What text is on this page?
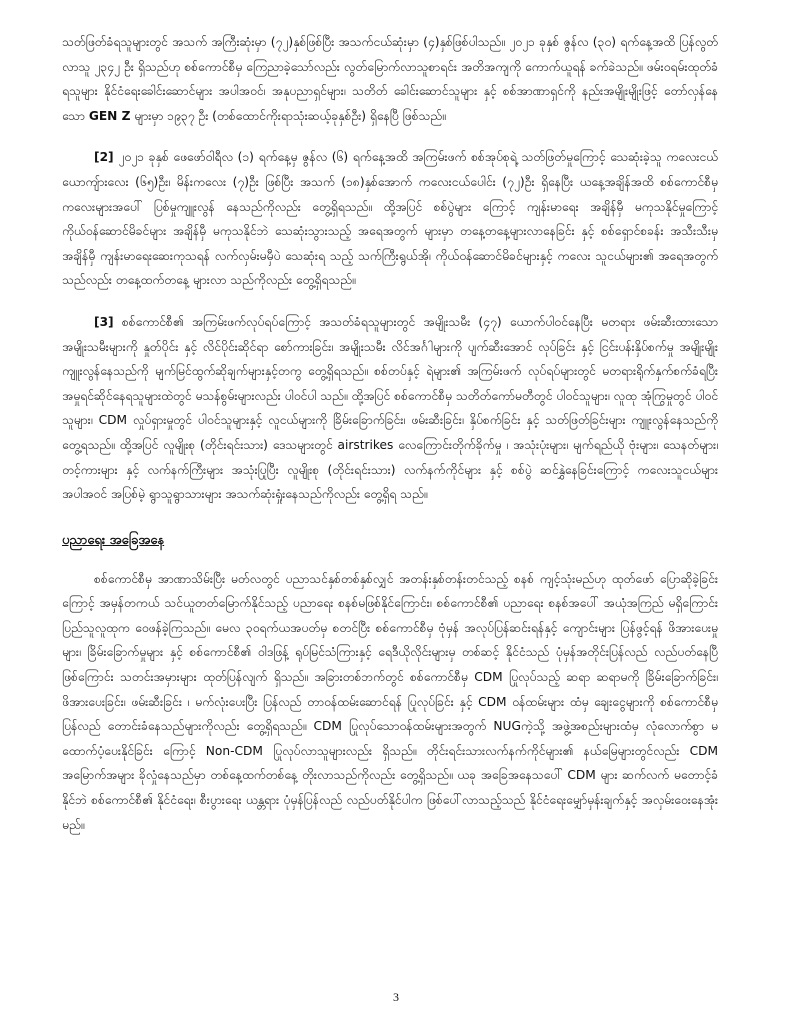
သတ်ဖြတ်ခံရသူများတွင် အသက် အကြီးဆုံးမှာ (၇၂)နှစ်ဖြစ်ပြီး အသက်ငယ်ဆုံးမှာ (၄)နှစ်ဖြစ်ပါသည်။ ၂၀၂၁ ခုနှစ် ဇွန်လ (၃၀) ရက်နေ့အထိ ပြန်လွတ်လာသူ ၂၃၄၂ ဦး ရှိသည်ဟု စစ်ကောင်စီမှ ကြေညာခဲ့သော်လည်း လွတ်မြောက်လာသူစာရင်း အတိအကျကို ကောက်ယူရန် ခက်ခဲသည်။ ဖမ်းဝရမ်းထုတ်ခံရသူများ နိုင်ငံရေးခေါင်းဆောင်များ အပါအဝင်၊ အနုပညာရှင်များ၊ သတိတ် ခေါင်းဆောင်သူများ နှင့် စစ်အာဏာရှင်ကို နည်းအမျိုးမျိုးဖြင့် တော်လှန်နေသော GEN Z များမှာ ၁၉၃၇ ဦး (တစ်ထောင်ကိုးရာသုံးဆယ့်ခုနှစ်ဦး) ရှိနေပြီ ဖြစ်သည်။

[2] ၂၀၂၁ ခုနှစ် ဖေဖော်ဝါရီလ (၁) ရက်နေ့မှ ဇွန်လ (၆) ရက်နေ့အထိ အကြမ်းဖက် စစ်အုပ်စုရဲ့ သတ်ဖြတ်မှုကြောင့် သေဆုံးခဲ့သူ ကလေးငယ် ယောကျ်ားလေး (၆၅)ဦး၊ မိန်းကလေး (၇)ဦး ဖြစ်ပြီး အသက် (၁၈)နှစ်အောက် ကလေးငယ်ပေါင်း (၇၂)ဦး ရှိနေပြီး ယနေ့အချိန်အထိ စစ်ကောင်စီမှ ကလေးများအပေါ် ပြစ်မှုကျူးလွန် နေသည်ကိုလည်း တွေ့ရှိရသည်။ ထို့အပြင် စစ်ပွဲများ ကြောင့် ကျန်းမာရေး အချိန်မှီ မကုသနိုင်မှုကြောင့် ကိုယ်ဝန်ဆောင်မိခင်များ အချိန်မှီ မကုသနိုင်ဘဲ သေဆုံးသွားသည့် အရေအတွက် များမှာ တနေ့တနေ့များလာနေခြင်း နှင့် စစ်ရှောင်စခန်း အသီးသီးမှ အချိန်မှီ ကျန်းမာရေးဆေးကုသရန် လက်လှမ်းမမှီပဲ သေဆုံးရ သည့် သက်ကြီးရွယ်အို၊ ကိုယ်ဝန်ဆောင်မိခင်များနှင့် ကလေး သူငယ်များ၏ အရေအတွက်သည်လည်း တနေ့ထက်တနေ့ များလာ သည်ကိုလည်း တွေ့ရှိရသည်။

[3] စစ်ကောင်စီ၏ အကြမ်းဖက်လုပ်ရပ်ကြောင့် အသတ်ခံရသူများတွင် အမျိုးသမီး (၄၇) ယောက်ပါဝင်နေပြီး မတရား ဖမ်းဆီးထားသော အမျိုးသမီးများကို နှုတ်ပိုင်း နှင့် လိင်ပိုင်းဆိုင်ရာ စော်ကားခြင်း၊ အမျိုးသမီး လိင်အင်္ဂါများကို ပျက်ဆီးအောင် လုပ်ခြင်း နှင့် ငြင်းပန်းနှိပ်စက်မှု အမျိုးမျိုး ကျူးလွန်နေသည်ကို မျက်မြင်ထွက်ဆိုချက်များနှင့်တကွ တွေ့ရှိရသည်။ စစ်တပ်နှင့် ရဲများ၏ အကြမ်းဖက် လုပ်ရပ်များတွင် မတရားရိုက်နှက်စက်ခံရပြီး အမှုရင်ဆိုင်နေရသူများထဲတွင် မသန်စွမ်းများလည်း ပါဝင်ပါ သည်။ ထို့အပြင် စစ်ကောင်စီမှ သတိတ်ကော်မတီတွင် ပါဝင်သူများ၊ လူထု အုံကြွမှုတွင် ပါဝင်သူများ၊ CDM လှုပ်ရှားမှုတွင် ပါဝင်သူများနှင့် လူငယ်များကို ခြိမ်းခြောက်ခြင်း၊ ဖမ်းဆီးခြင်း၊ နှိပ်စက်ခြင်း နှင့် သတ်ဖြတ်ခြင်းများ ကျူးလွန်နေသည်ကို တွေ့ရသည်။ ထို့အပြင် လူမျိုးစု (တိုင်းရင်းသား) ဒေသများတွင် airstrikes လေကြောင်းတိုက်ခိုက်မှု ၊ အသုံးပုံးများ၊ မျက်ရည်ယို ဗုံးများ၊ သေနတ်များ၊ တင့်ကားများ နှင့် လက်နက်ကြီးများ အသုံးပြုပြီး လူမျိုးစု (တိုင်းရင်းသား) လက်နက်ကိုင်များ နှင့် စစ်ပွဲ ဆင်နွှဲနေခြင်းကြောင့် ကလေးသူငယ်များ အပါအဝင် အပြစ်မဲ့ ရွာသူရွာသားများ အသက်ဆုံးရှုံးနေသည်ကိုလည်း တွေ့ရှိရ သည်။

ပညာရေး အခြေအနေ

စစ်ကောင်စီမှ အာဏာသိမ်းပြီး မတ်လတွင် ပညာသင်နှစ်တစ်နှစ်လျှင် အတန်းနှစ်တန်းတင်သည့် စနစ် ကျင့်သုံးမည်ဟု ထုတ်ဖော် ပြောဆိုခဲ့ခြင်းကြောင့် အမှန်တကယ် သင်ယူတတ်မြောက်နိုင်သည့် ပညာရေး စနစ်မဖြစ်နိုင်ကြောင်း၊ စစ်ကောင်စီ၏ ပညာရေး စနစ်အပေါ် အယုံအကြည် မရှိကြောင်း ပြည်သူလူထုက ဝေဖန်ခဲ့ကြသည်။ မေလ ၃၀ရက်ယအပတ်မှ စတင်ပြီး စစ်ကောင်စီမှ ဗုံမှန် အလုပ်ပြန်ဆင်းရန်နှင့် ကျောင်းများ ပြန်ဖွင့်ရန် ဖိအားပေးမှုများ၊ ခြိမ်းခြောက်မှုများ နှင့် စစ်ကောင်စီ၏ ဝါဒဖြန့် ရုပ်မြင်သံကြားနှင့် ရေဒီယိုလိုင်းများမှ တစ်ဆင့် နိုင်ငံသည် ပုံမှန်အတိုင်းပြန်လည် လည်ပတ်နေပြီ ဖြစ်ကြောင်း သတင်းအမှားများ ထုတ်ပြန်လျက် ရှိသည်။ အခြားတစ်ဘက်တွင် စစ်ကောင်စီမှ CDM ပြုလုပ်သည့် ဆရာ ဆရာမကို ခြိမ်းခြောက်ခြင်း၊ ဖိအားပေးခြင်း၊ ဖမ်းဆီးခြင်း ၊ မက်လုံးပေးပြီး ပြန်လည် တာဝန်ထမ်းဆောင်ရန် ပြုလုပ်ခြင်း နှင့် CDM ဝန်ထမ်းများ ထံမှ ချေးငွေများကို စစ်ကောင်စီမှ ပြန်လည် တောင်းခံနေသည်များကိုလည်း တွေ့ရှိရသည်။ CDM ပြုလုပ်သောဝန်ထမ်းများအတွက် NUGကဲ့သို့ အဖွဲ့အစည်းများထံမှ လုံလောက်စွာ မထောက်ပံ့ပေးနိုင်ခြင်း ကြောင့် Non-CDM ပြုလုပ်လာသူများလည်း ရှိသည်။ တိုင်းရင်းသားလက်နက်ကိုင်များ၏ နယ်မြေများတွင်လည်း CDM အမြောက်အများ ခိုလှုံနေသည်မှာ တစ်နေ့ထက်တစ်နေ့ တိုးလာသည်ကိုလည်း တွေ့ရှိသည်။ ယခု အခြေအနေသပေါ် CDM များ ဆက်လက် မတောင့်ခံနိုင်ဘဲ စစ်ကောင်စီ၏ နိုင်ငံရေး၊ စီးပွားရေး ယန္တရား ပုံမှန်ပြန်လည် လည်ပတ်နိုင်ပါက ဖြစ်ပေါ်လာသည့်သည် နိုင်ငံရေးမျှော်မှန်းချက်နှင့် အလှမ်းဝေးနေအုံးမည်။

3
